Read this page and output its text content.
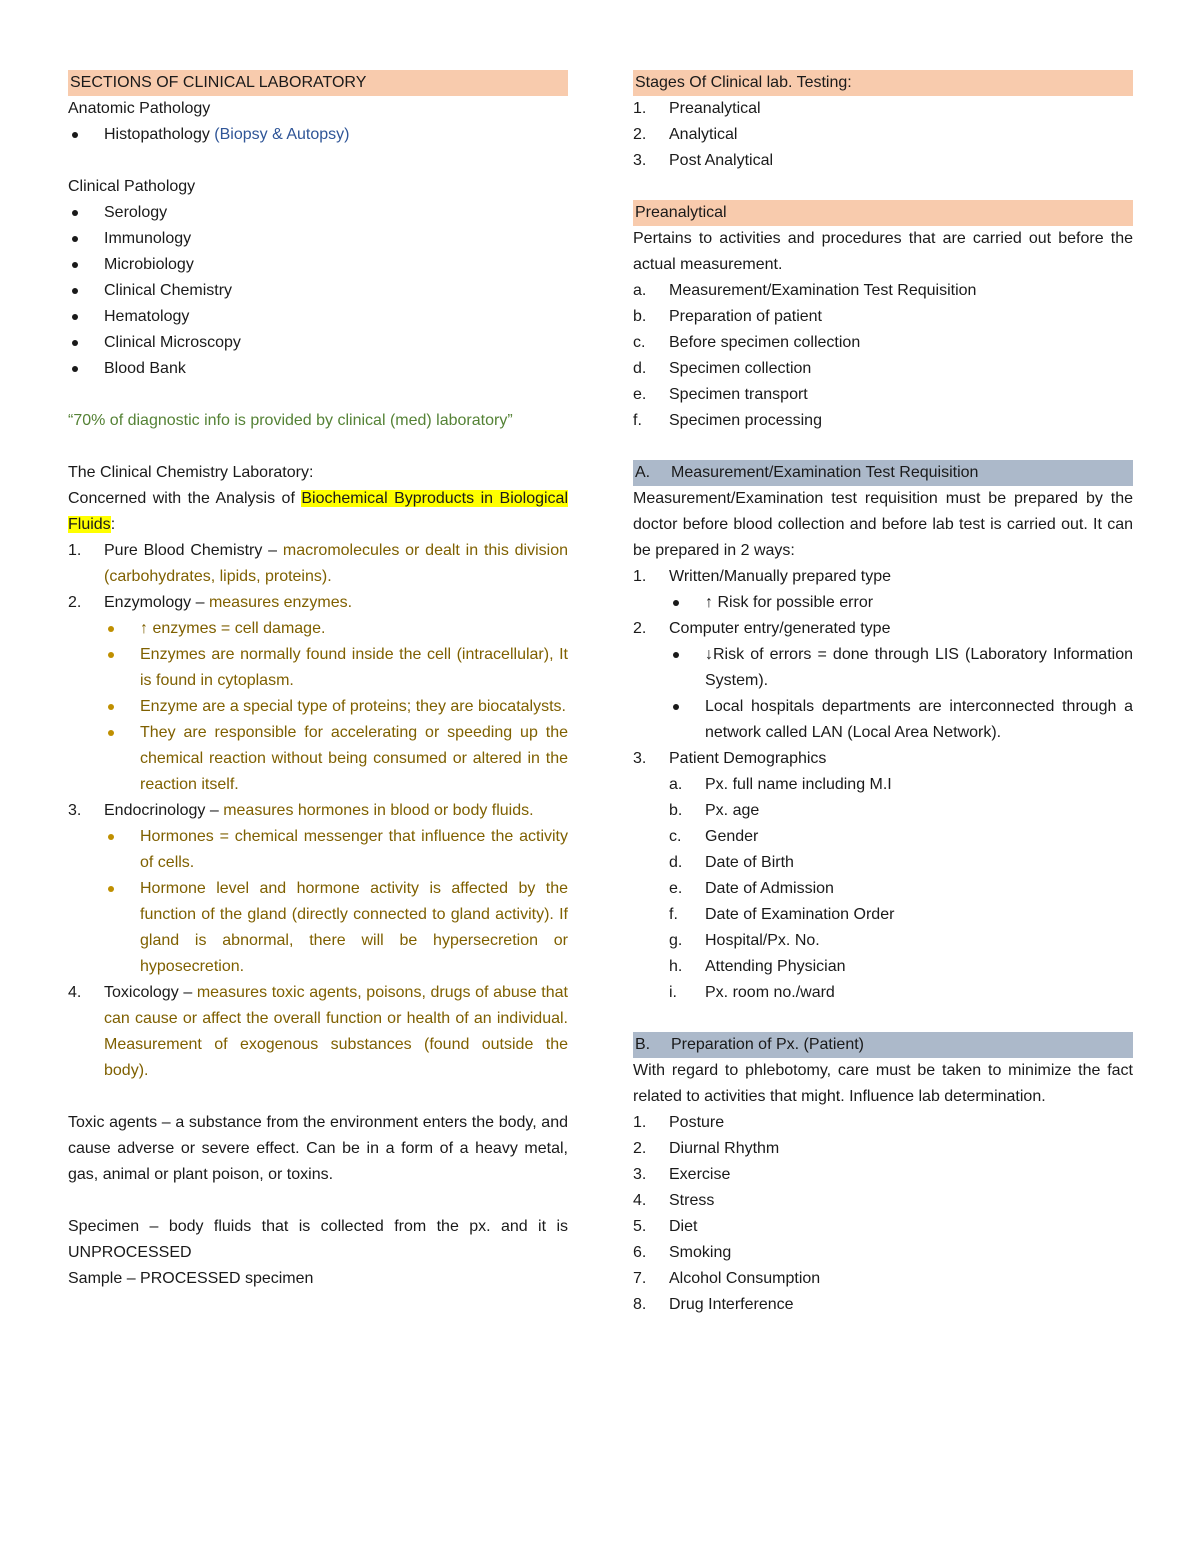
SECTIONS OF CLINICAL LABORATORY
Anatomic Pathology
Histopathology (Biopsy & Autopsy)
Clinical Pathology
Serology
Immunology
Microbiology
Clinical Chemistry
Hematology
Clinical Microscopy
Blood Bank
“70% of diagnostic info is provided by clinical (med) laboratory”
The Clinical Chemistry Laboratory:
Concerned with the Analysis of Biochemical Byproducts in Biological Fluids:
1.	Pure Blood Chemistry – macromolecules or dealt in this division (carbohydrates, lipids, proteins).
2.	Enzymology – measures enzymes.
↑ enzymes = cell damage.
Enzymes are normally found inside the cell (intracellular), It is found in cytoplasm.
Enzyme are a special type of proteins; they are biocatalysts.
They are responsible for accelerating or speeding up the chemical reaction without being consumed or altered in the reaction itself.
3.	Endocrinology – measures hormones in blood or body fluids.
Hormones = chemical messenger that influence the activity of cells.
Hormone level and hormone activity is affected by the function of the gland (directly connected to gland activity). If gland is abnormal, there will be hypersecretion or hyposecretion.
4.	Toxicology – measures toxic agents, poisons, drugs of abuse that can cause or affect the overall function or health of an individual. Measurement of exogenous substances (found outside the body).
Toxic agents – a substance from the environment enters the body, and cause adverse or severe effect. Can be in a form of a heavy metal, gas, animal or plant poison, or toxins.
Specimen – body fluids that is collected from the px. and it is UNPROCESSED
Sample – PROCESSED specimen
Stages Of Clinical lab. Testing:
1.	Preanalytical
2.	Analytical
3.	Post Analytical
Preanalytical
Pertains to activities and procedures that are carried out before the actual measurement.
a.	Measurement/Examination Test Requisition
b.	Preparation of patient
c.	Before specimen collection
d.	Specimen collection
e.	Specimen transport
f.	Specimen processing
A.	Measurement/Examination Test Requisition
Measurement/Examination test requisition must be prepared by the doctor before blood collection and before lab test is carried out. It can be prepared in 2 ways:
1.	Written/Manually prepared type
↑ Risk for possible error
2.	Computer entry/generated type
↓Risk of errors = done through LIS (Laboratory Information System).
Local hospitals departments are interconnected through a network called LAN (Local Area Network).
3.	Patient Demographics
a.	Px. full name including M.I
b.	Px. age
c.	Gender
d.	Date of Birth
e.	Date of Admission
f.	Date of Examination Order
g.	Hospital/Px. No.
h.	Attending Physician
i.	Px. room no./ward
B.	Preparation of Px. (Patient)
With regard to phlebotomy, care must be taken to minimize the fact related to activities that might. Influence lab determination.
1.	Posture
2.	Diurnal Rhythm
3.	Exercise
4.	Stress
5.	Diet
6.	Smoking
7.	Alcohol Consumption
8.	Drug Interference
